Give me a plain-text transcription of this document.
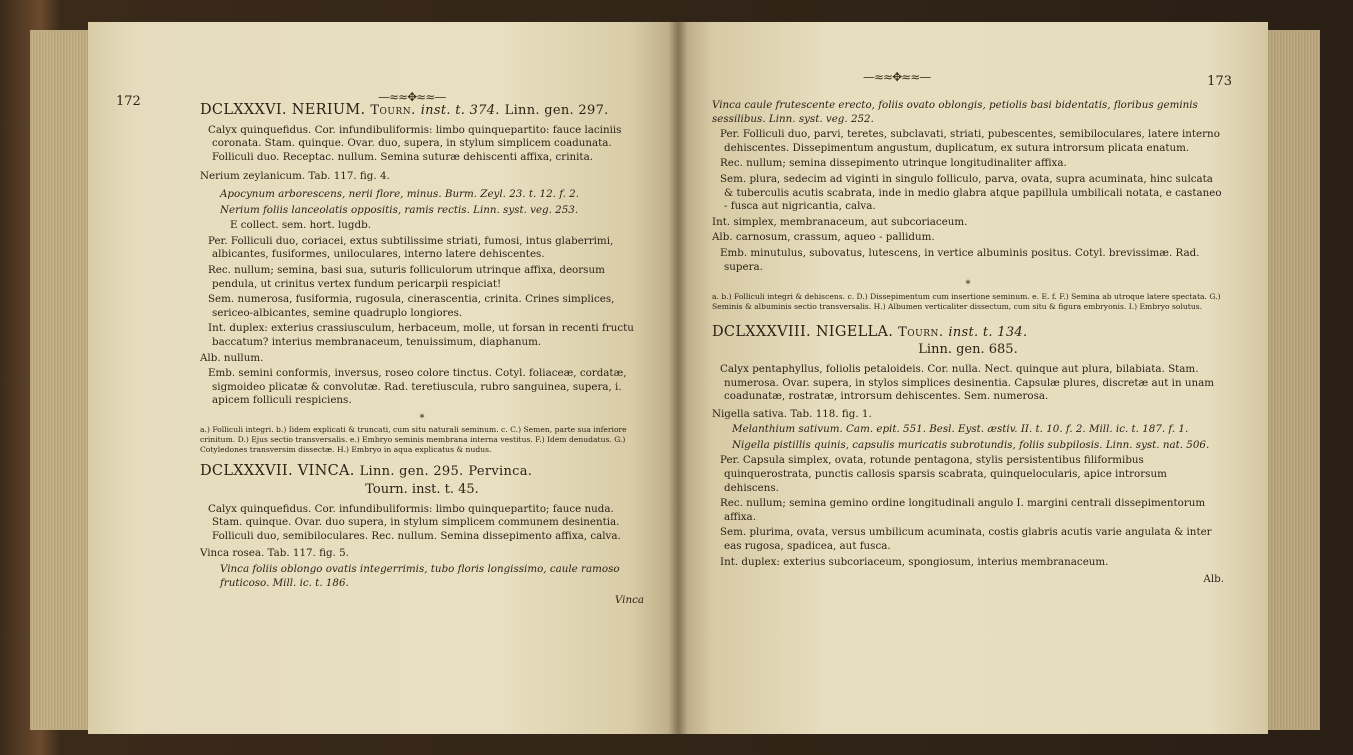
172	—≈≈✥≈≈—
DCLXXXVI. NERIUM. Tourn. inst. t. 374. Linn. gen. 297.

Calyx quinquefidus. Cor. infundibuliformis: limbo quinquepartito: fauce laciniis coronata. Stam. quinque. Ovar. duo, supera, in stylum simplicem coadunata. Folliculi duo. Receptac. nullum. Semina suturæ dehiscenti affixa, crinita.

Nerium zeylanicum. Tab. 117. fig. 4.

Apocynum arborescens, nerii flore, minus. Burm. Zeyl. 23. t. 12. f. 2.

Nerium foliis lanceolatis oppositis, ramis rectis. Linn. syst. veg. 253.

E collect. sem. hort. lugdb.

Per. Folliculi duo, coriacei, extus subtilissime striati, fumosi, intus glaberrimi, albicantes, fusiformes, uniloculares, interno latere dehiscentes.

Rec. nullum; semina, basi sua, suturis folliculorum utrinque affixa, deorsum pendula, ut crinitus vertex fundum pericarpii respiciat!

Sem. numerosa, fusiformia, rugosula, cinerascentia, crinita. Crines simplices, sericeo-albicantes, semine quadruplo longiores.

Int. duplex: exterius crassiusculum, herbaceum, molle, ut forsan in recenti fructu baccatum? interius membranaceum, tenuissimum, diaphanum.

Alb. nullum.

Emb. semini conformis, inversus, roseo colore tinctus. Cotyl. foliaceæ, cordatæ, sigmoideo plicatæ & convolutæ. Rad. teretiuscula, rubro sanguinea, supera, i. apicem folliculi respiciens.

*

a.) Folliculi integri. b.) Iidem explicati & truncati, cum situ naturali seminum. c. C.) Semen, parte sua inferiore crinitum. D.) Ejus sectio transversalis. e.) Embryo seminis membrana interna vestitus. F.) Idem denudatus. G.) Cotyledones transversim dissectæ. H.) Embryo in aqua explicatus & nudus.

DCLXXXVII. VINCA. Linn. gen. 295. Pervinca.
Tourn. inst. t. 45.

Calyx quinquefidus. Cor. infundibuliformis: limbo quinquepartito; fauce nuda. Stam. quinque. Ovar. duo supera, in stylum simplicem communem desinentia. Folliculi duo, semibiloculares. Rec. nullum. Semina dissepimento affixa, calva.

Vinca rosea. Tab. 117. fig. 5.

Vinca foliis oblongo ovatis integerrimis, tubo floris longissimo, caule ramoso fruticoso. Mill. ic. t. 186.

Vinca
173
—≈≈✥≈≈—

Vinca caule frutescente erecto, foliis ovato oblongis, petiolis basi bidentatis, floribus geminis sessilibus. Linn. syst. veg. 252.

Per. Folliculi duo, parvi, teretes, subclavati, striati, pubescentes, semibiloculares, latere interno dehiscentes. Dissepimentum angustum, duplicatum, ex sutura introrsum plicata enatum.

Rec. nullum; semina dissepimento utrinque longitudinaliter affixa.

Sem. plura, sedecim ad viginti in singulo folliculo, parva, ovata, supra acuminata, hinc sulcata & tuberculis acutis scabrata, inde in medio glabra atque papillula umbilicali notata, e castaneo - fusca aut nigricantia, calva.

Int. simplex, membranaceum, aut subcoriaceum.

Alb. carnosum, crassum, aqueo - pallidum.

Emb. minutulus, subovatus, lutescens, in vertice albuminis positus. Cotyl. brevissimæ. Rad. supera.

*

a. b.) Folliculi integri & dehiscens. c. D.) Dissepimentum cum insertione seminum. e. E. f. F.) Semina ab utroque latere spectata. G.) Seminis & albuminis sectio transversalis. H.) Albumen verticaliter dissectum, cum situ & figura embryonis. I.) Embryo solutus.

DCLXXXVIII. NIGELLA. Tourn. inst. t. 134.
Linn. gen. 685.

Calyx pentaphyllus, foliolis petaloideis. Cor. nulla. Nect. quinque aut plura, bilabiata. Stam. numerosa. Ovar. supera, in stylos simplices desinentia. Capsulæ plures, discretæ aut in unam coadunatæ, rostratæ, introrsum dehiscentes. Sem. numerosa.

Nigella sativa. Tab. 118. fig. 1.

Melanthium sativum. Cam. epit. 551. Besl. Eyst. æstiv. II. t. 10. f. 2. Mill. ic. t. 187. f. 1.

Nigella pistillis quinis, capsulis muricatis subrotundis, foliis subpilosis. Linn. syst. nat. 506.

Per. Capsula simplex, ovata, rotunde pentagona, stylis persistentibus filiformibus quinquerostrata, punctis callosis sparsis scabrata, quinquelocularis, apice introrsum dehiscens.

Rec. nullum; semina gemino ordine longitudinali angulo I. margini centrali dissepimentorum affixa.

Sem. plurima, ovata, versus umbilicum acuminata, costis glabris acutis varie angulata & inter eas rugosa, spadicea, aut fusca.

Int. duplex: exterius subcoriaceum, spongiosum, interius membranaceum.

Alb.
